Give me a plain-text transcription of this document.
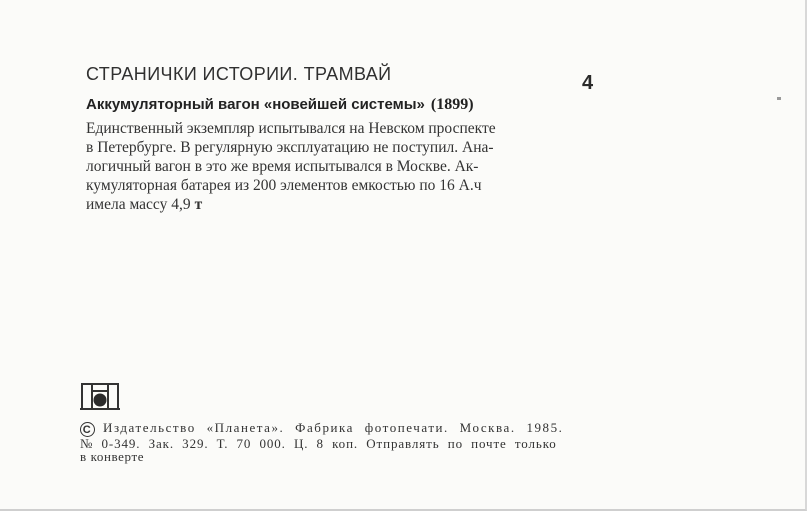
СТРАНИЧКИ ИСТОРИИ. ТРАМВАЙ	4
Аккумуляторный вагон «новейшей системы» (1899)
Единственный экземпляр испытывался на Невском проспекте
в Петербурге. В регулярную эксплуатацию не поступил. Ана-
логичный вагон в это же время испытывался в Москве. Ак-
кумуляторная батарея из 200 элементов емкостью по 16 А.ч
имела массу 4,9 т
C Издательство «Планета». Фабрика фотопечати. Москва. 1985.
№ 0-349. Зак. 329. Т. 70 000. Ц. 8 коп. Отправлять по почте только
в конверте
